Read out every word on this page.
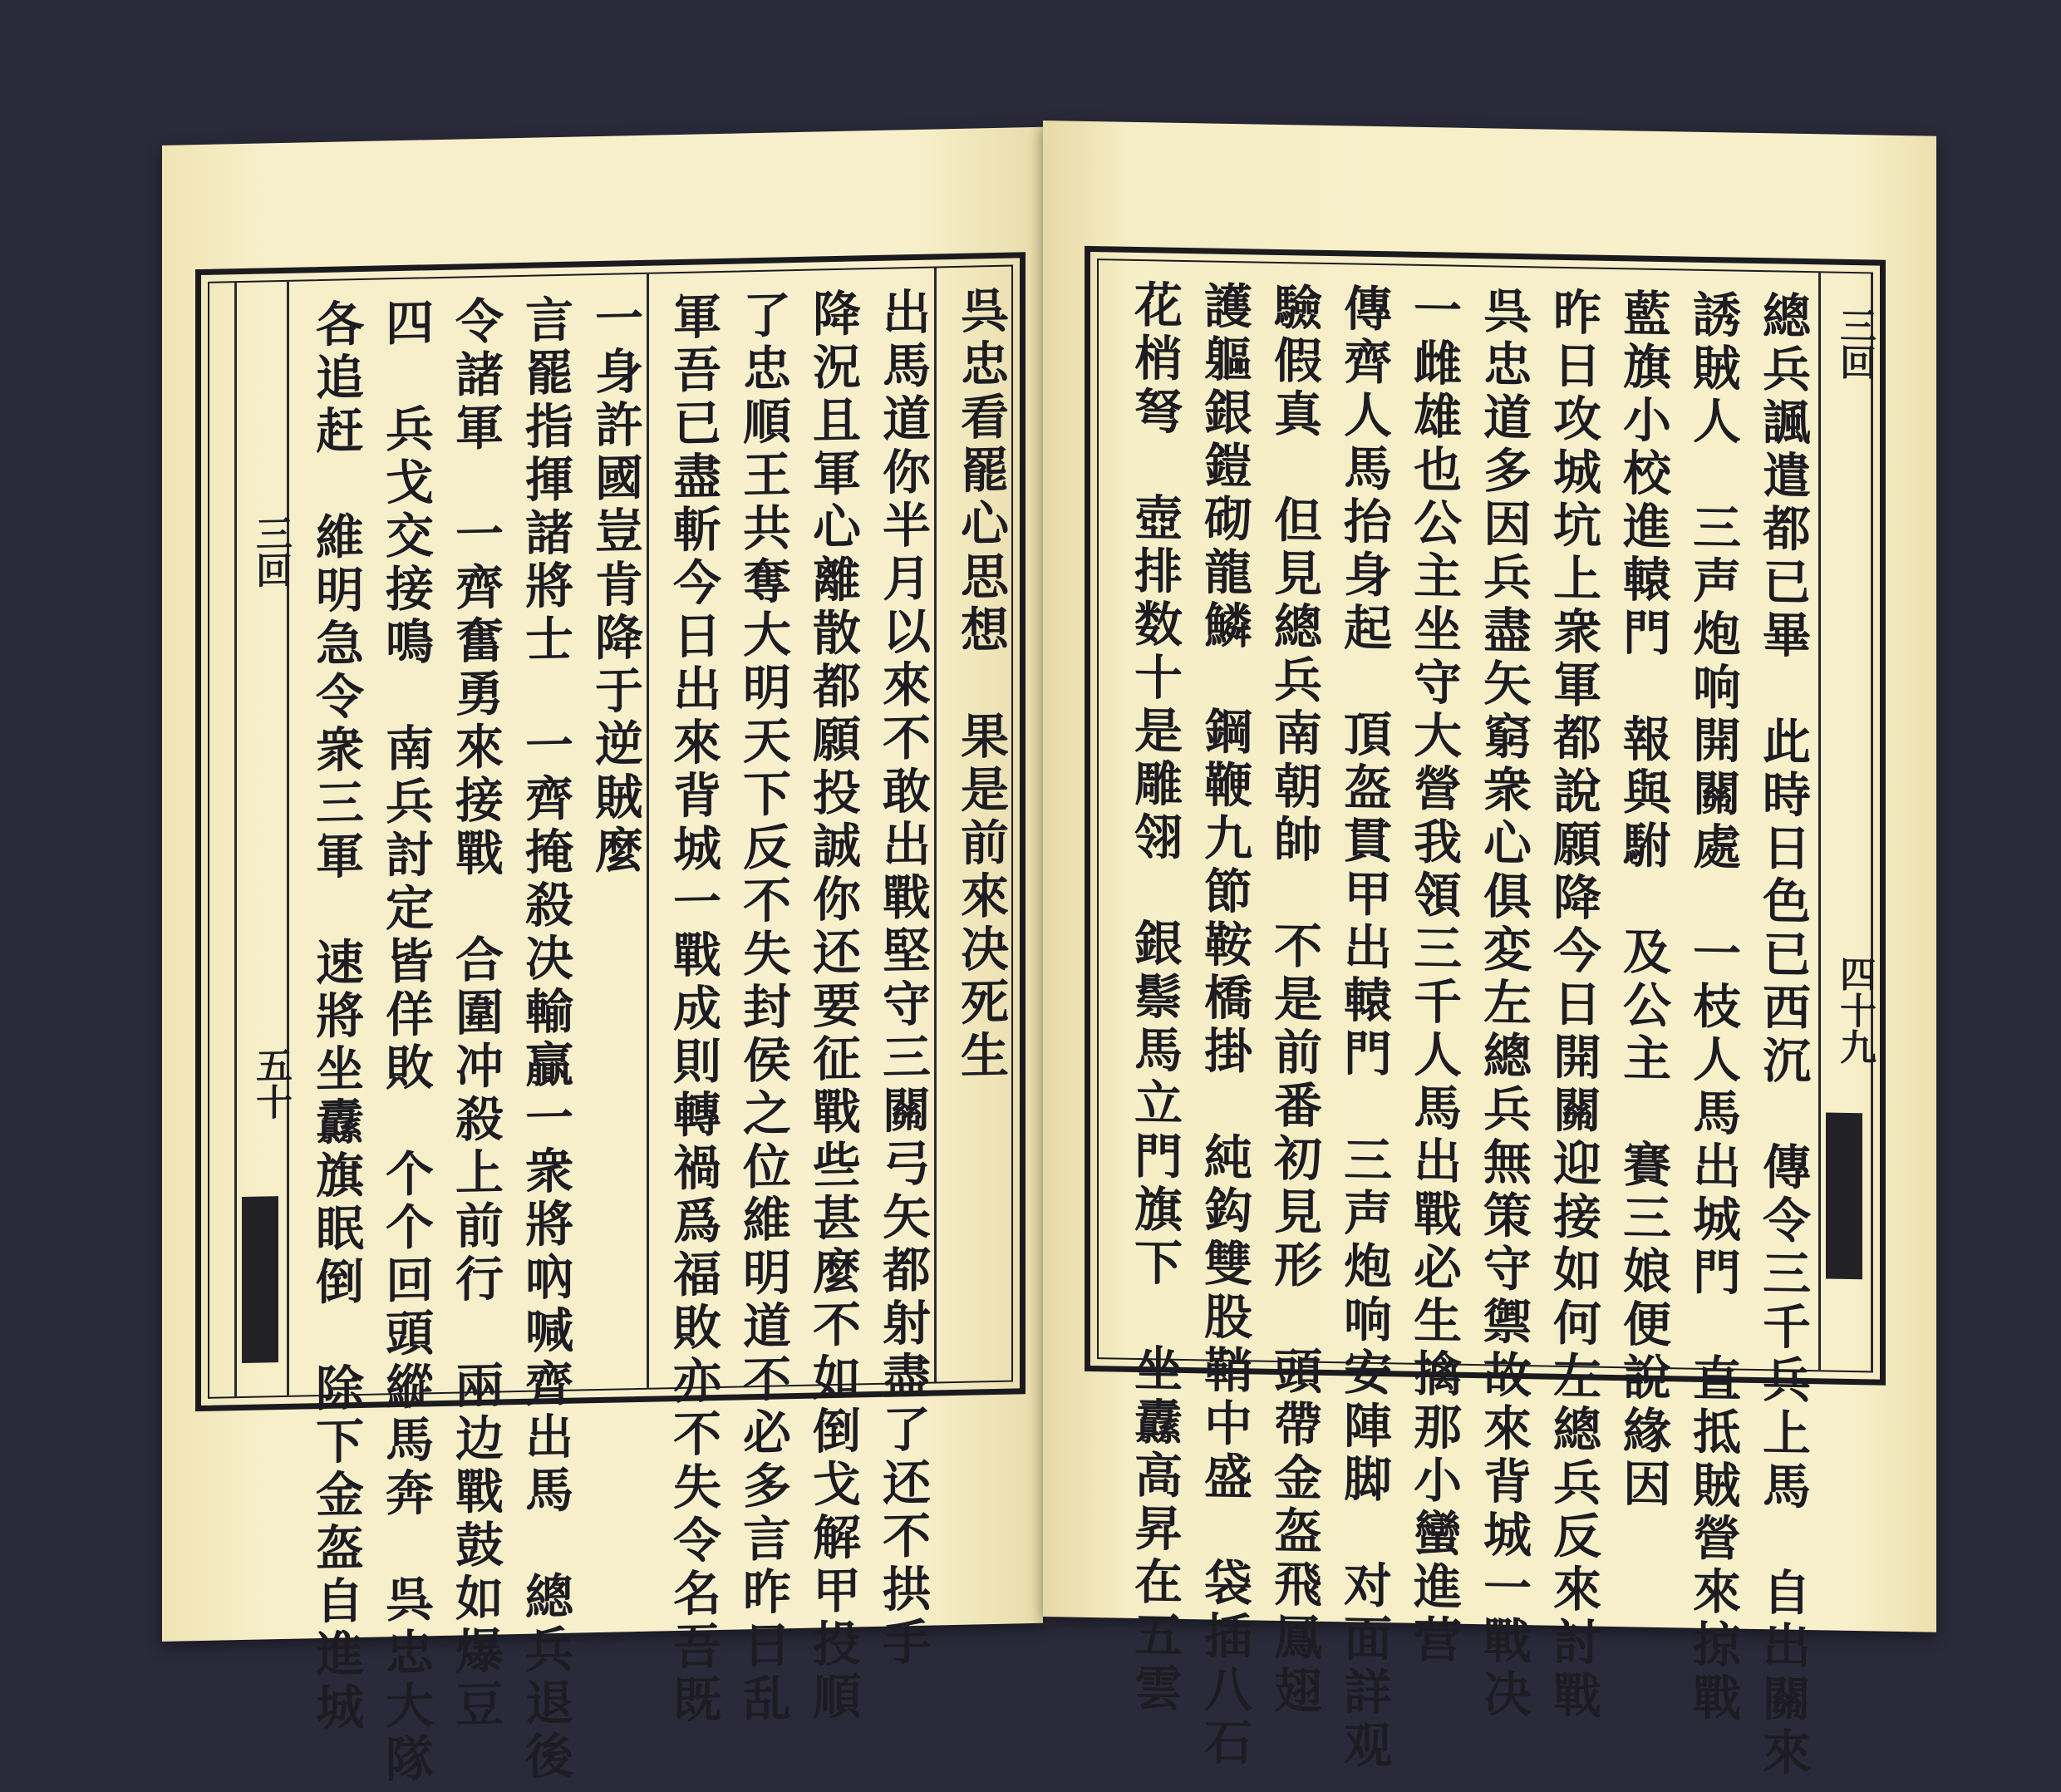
三回
五十	呉忠看罷心思想　果是前來决死生
出馬道你半月以來不敢出戰堅守三關弓矢都射盡了还不拱手
降況且軍心離散都願投誠你还要征戰些甚麼不如倒戈解甲投順
了忠順王共奪大明天下反不失封侯之位維明道不必多言昨日乱
軍吾已盡斬今日出來背城一戰成則轉禍爲福敗亦不失令名吾既
一身許國豈肯降于逆賊麼
言罷指揮諸將士　一齊掩殺决輸贏一衆將吶喊齊出馬　總兵退後
令諸軍　一齊奮勇來接戰　合圍冲殺上前行　兩边戰鼓如爆豆
四　兵戈交接鳴　南兵討定皆佯敗　个个回頭縱馬奔　呉忠大隊
各追赶　維明急令衆三軍　速將坐纛旗眠倒　除下金盔自進城	三回
四十九
總兵諷遣都已畢　此時日色已西沉　傳令三千兵上馬　自出關來
誘賊人　三声炮响開關處　一枝人馬出城門　直抵賊營來掠戰
藍旗小校進轅門　報與駙　及公主　賽三娘便說緣因
昨日攻城坑上衆軍都說願降今日開關迎接如何左總兵反來討戰
呉忠道多因兵盡矢窮衆心俱変左總兵無策守禦故來背城一戰决
一雌雄也公主坐守大營我領三千人馬出戰必生擒那小蠻進营
傳齊人馬抬身起　頂盔貫甲出轅門　三声炮响安陣脚　对面詳观
驗假真　但見總兵南朝帥　不是前番初見形　頭帶金盔飛鳳翅
護軀銀鎧砌龍鱗　鋼鞭九節鞍橋掛　純鈎雙股鞘中盛　袋插八石
花梢弩　壺排数十是雕翎　銀鬃馬立門旗下　坐纛高昇在五雲
